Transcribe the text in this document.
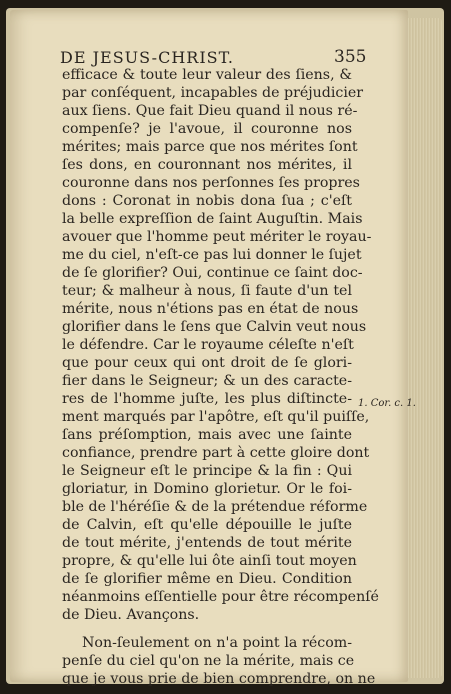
DE JESUS-CHRIST.	355
efficace & toute leur valeur des ſiens, &
par conſéquent, incapables de préjudicier
aux ſiens. Que fait Dieu quand il nous ré-
compenſe? je l'avoue, il couronne nos
mérites; mais parce que nos mérites ſont
ſes dons, en couronnant nos mérites, il
couronne dans nos perſonnes ſes propres
dons : Coronat in nobis dona ſua ; c'eſt
la belle expreſſion de ſaint Auguſtin. Mais
avouer que l'homme peut mériter le royau-
me du ciel, n'eſt-ce pas lui donner le ſujet
de ſe glorifier? Oui, continue ce ſaint doc-
teur; & malheur à nous, ſi faute d'un tel
mérite, nous n'étions pas en état de nous
glorifier dans le ſens que Calvin veut nous
le défendre. Car le royaume céleſte n'eſt
que pour ceux qui ont droit de ſe glori-
fier dans le Seigneur; & un des caracte-
res de l'homme juſte, les plus diſtincte-
ment marqués par l'apôtre, eſt qu'il puiſſe,
ſans préſomption, mais avec une ſainte
confiance, prendre part à cette gloire dont
le Seigneur eſt le principe & la fin : Qui
gloriatur, in Domino glorietur. Or le foi-
ble de l'héréſie & de la prétendue réforme
de Calvin, eſt qu'elle dépouille le juſte
de tout mérite, j'entends de tout mérite
propre, & qu'elle lui ôte ainſi tout moyen
de ſe glorifier même en Dieu. Condition
néanmoins eſſentielle pour être récompenſé
de Dieu. Avançons.
Non-ſeulement on n'a point la récom-
penſe du ciel qu'on ne la mérite, mais ce
que je vous prie de bien comprendre, on ne
1. Cor. c. 1.
